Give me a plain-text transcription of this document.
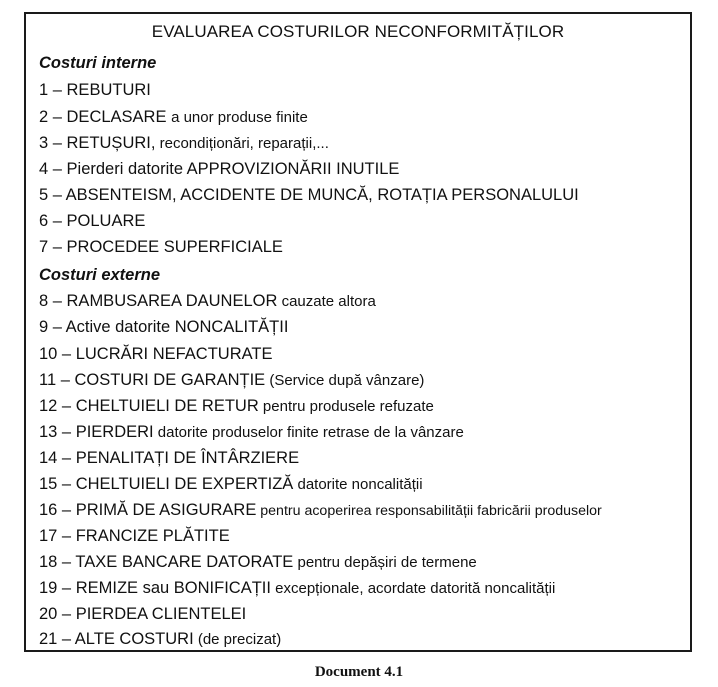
EVALUAREA COSTURILOR NECONFORMITĂȚILOR
Costuri interne
1 – REBUTURI
2 – DECLASARE a unor produse finite
3 – RETUȘURI, recondiționări, reparații,...
4 – Pierderi datorite APPROVIZIONĂRII INUTILE
5 – ABSENTEISM, ACCIDENTE DE MUNCĂ, ROTAȚIA PERSONALULUI
6 – POLUARE
7 – PROCEDEE SUPERFICIALE
Costuri externe
8 – RAMBUSAREA DAUNELOR cauzate altora
9 – Active datorite NONCALITĂȚII
10 – LUCRĂRI NEFACTURATE
11 – COSTURI DE GARANȚIE (Service după vânzare)
12 – CHELTUIELI DE RETUR pentru produsele refuzate
13 – PIERDERI datorite produselor finite retrase de la vânzare
14 – PENALITAȚI DE ÎNTÂRZIERE
15 – CHELTUIELI DE EXPERTIZĂ datorite noncalității
16 – PRIMĂ DE ASIGURARE pentru acoperirea responsabilității fabricării produselor
17 – FRANCIZE PLĂTITE
18 – TAXE BANCARE DATORATE pentru depășiri de termene
19 – REMIZE sau BONIFICAȚII excepționale, acordate datorită noncalității
20 – PIERDEA CLIENTELEI
21 – ALTE COSTURI (de precizat)
Document 4.1
